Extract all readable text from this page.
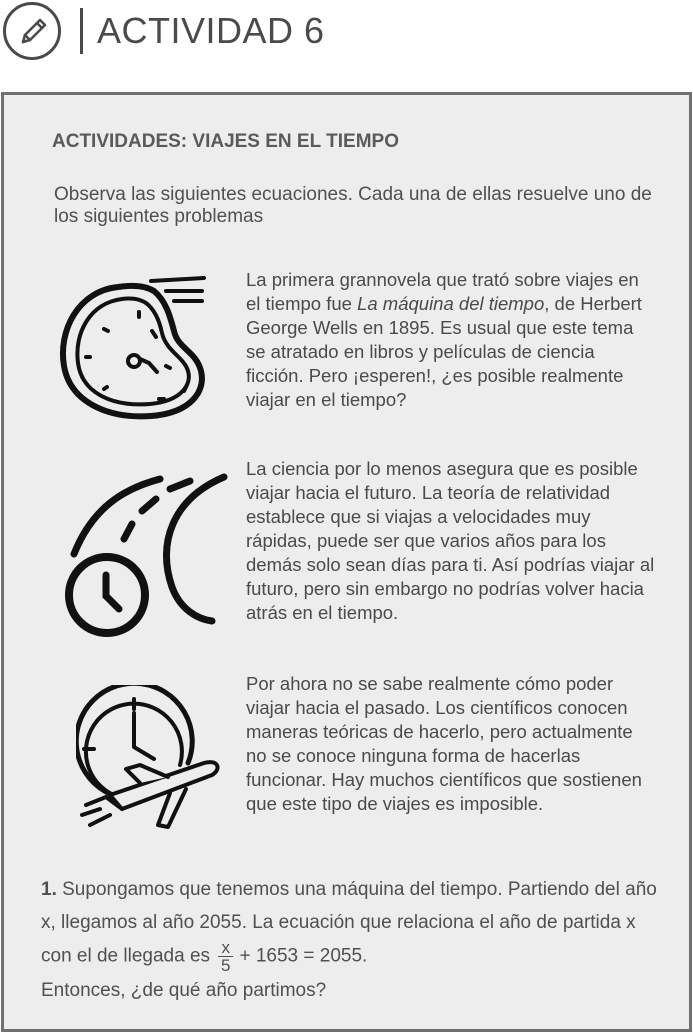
ACTIVIDAD 6
ACTIVIDADES: VIAJES EN EL TIEMPO
Observa las siguientes ecuaciones. Cada una de ellas resuelve uno de los siguientes problemas
La primera grannovela que trató sobre viajes en el tiempo fue La máquina del tiempo, de Herbert George Wells en 1895. Es usual que este tema se atratado en libros y películas de ciencia ficción. Pero ¡esperen!, ¿es posible realmente viajar en el tiempo?
La ciencia por lo menos asegura que es posible viajar hacia el futuro. La teoría de relatividad establece que si viajas a velocidades muy rápidas, puede ser que varios años para los demás solo sean días para ti. Así podrías viajar al futuro, pero sin embargo no podrías volver hacia atrás en el tiempo.
Por ahora no se sabe realmente cómo poder viajar hacia el pasado. Los científicos conocen maneras teóricas de hacerlo, pero actualmente no se conoce ninguna forma de hacerlas funcionar. Hay muchos científicos que sostienen que este tipo de viajes es imposible.
1. Supongamos que tenemos una máquina del tiempo. Partiendo del año x, llegamos al año 2055. La ecuación que relaciona el año de partida x con el de llegada es $\frac{x}{5} + 1653 = 2055$.
Entonces, ¿de qué año partimos?
